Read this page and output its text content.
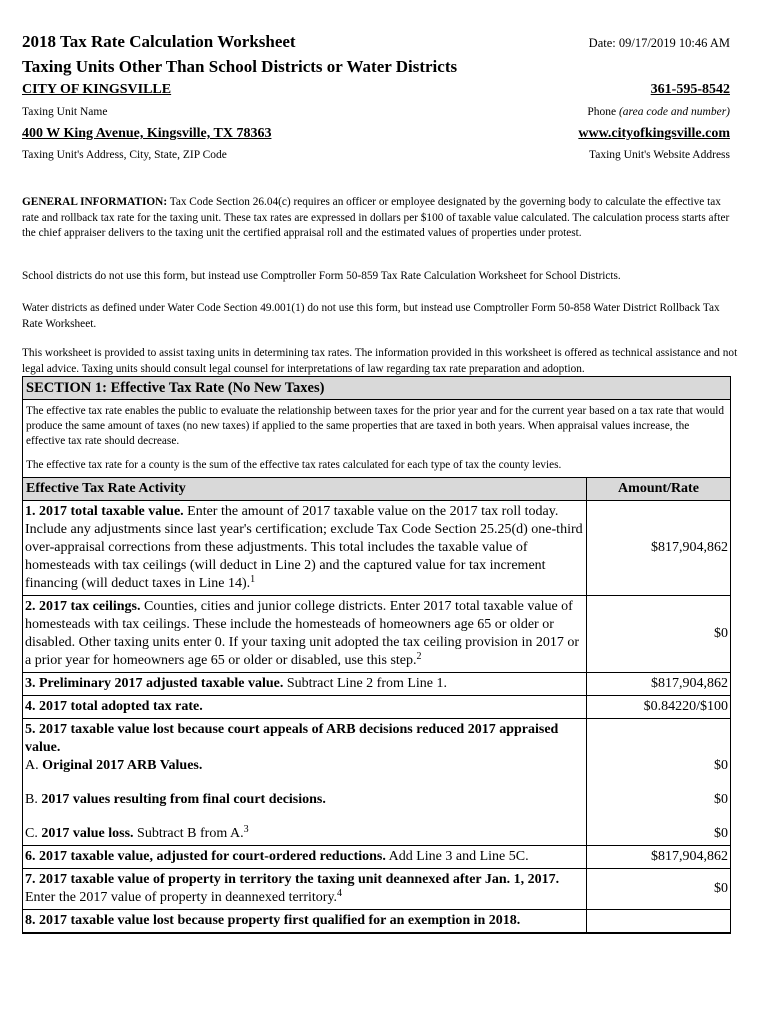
2018 Tax Rate Calculation Worksheet	Date: 09/17/2019 10:46 AM
Taxing Units Other Than School Districts or Water Districts
CITY OF KINGSVILLE	361-595-8542
Taxing Unit Name	Phone (area code and number)
400 W King Avenue, Kingsville, TX 78363	www.cityofkingsville.com
Taxing Unit's Address, City, State, ZIP Code	Taxing Unit's Website Address
GENERAL INFORMATION: Tax Code Section 26.04(c) requires an officer or employee designated by the governing body to calculate the effective tax rate and rollback tax rate for the taxing unit. These tax rates are expressed in dollars per $100 of taxable value calculated. The calculation process starts after the chief appraiser delivers to the taxing unit the certified appraisal roll and the estimated values of properties under protest.
School districts do not use this form, but instead use Comptroller Form 50-859 Tax Rate Calculation Worksheet for School Districts.
Water districts as defined under Water Code Section 49.001(1) do not use this form, but instead use Comptroller Form 50-858 Water District Rollback Tax Rate Worksheet.
This worksheet is provided to assist taxing units in determining tax rates. The information provided in this worksheet is offered as technical assistance and not legal advice. Taxing units should consult legal counsel for interpretations of law regarding tax rate preparation and adoption.
SECTION 1: Effective Tax Rate (No New Taxes)

The effective tax rate enables the public to evaluate the relationship between taxes for the prior year and for the current year based on a tax rate that would produce the same amount of taxes (no new taxes) if applied to the same properties that are taxed in both years. When appraisal values increase, the effective tax rate should decrease.

The effective tax rate for a county is the sum of the effective tax rates calculated for each type of tax the county levies.

Effective Tax Rate Activity	Amount/Rate
1. 2017 total taxable value. Enter the amount of 2017 taxable value on the 2017 tax roll today. Include any adjustments since last year's certification; exclude Tax Code Section 25.25(d) one-third over-appraisal corrections from these adjustments. This total includes the taxable value of homesteads with tax ceilings (will deduct in Line 2) and the captured value for tax increment financing (will deduct taxes in Line 14).$^1$	$817,904,862
2. 2017 tax ceilings. Counties, cities and junior college districts. Enter 2017 total taxable value of homesteads with tax ceilings. These include the homesteads of homeowners age 65 or older or disabled. Other taxing units enter 0. If your taxing unit adopted the tax ceiling provision in 2017 or a prior year for homeowners age 65 or older or disabled, use this step.$^2$	$0
3. Preliminary 2017 adjusted taxable value. Subtract Line 2 from Line 1.	$817,904,862
4. 2017 total adopted tax rate.	$0.84220/$100
5. 2017 taxable value lost because court appeals of ARB decisions reduced 2017 appraised value.
A. Original 2017 ARB Values.	$0
B. 2017 values resulting from final court decisions.	$0
C. 2017 value loss. Subtract B from A.$^3$	$0
6. 2017 taxable value, adjusted for court-ordered reductions. Add Line 3 and Line 5C.	$817,904,862
7. 2017 taxable value of property in territory the taxing unit deannexed after Jan. 1, 2017. Enter the 2017 value of property in deannexed territory.$^4$	$0
8. 2017 taxable value lost because property first qualified for an exemption in 2018.	
